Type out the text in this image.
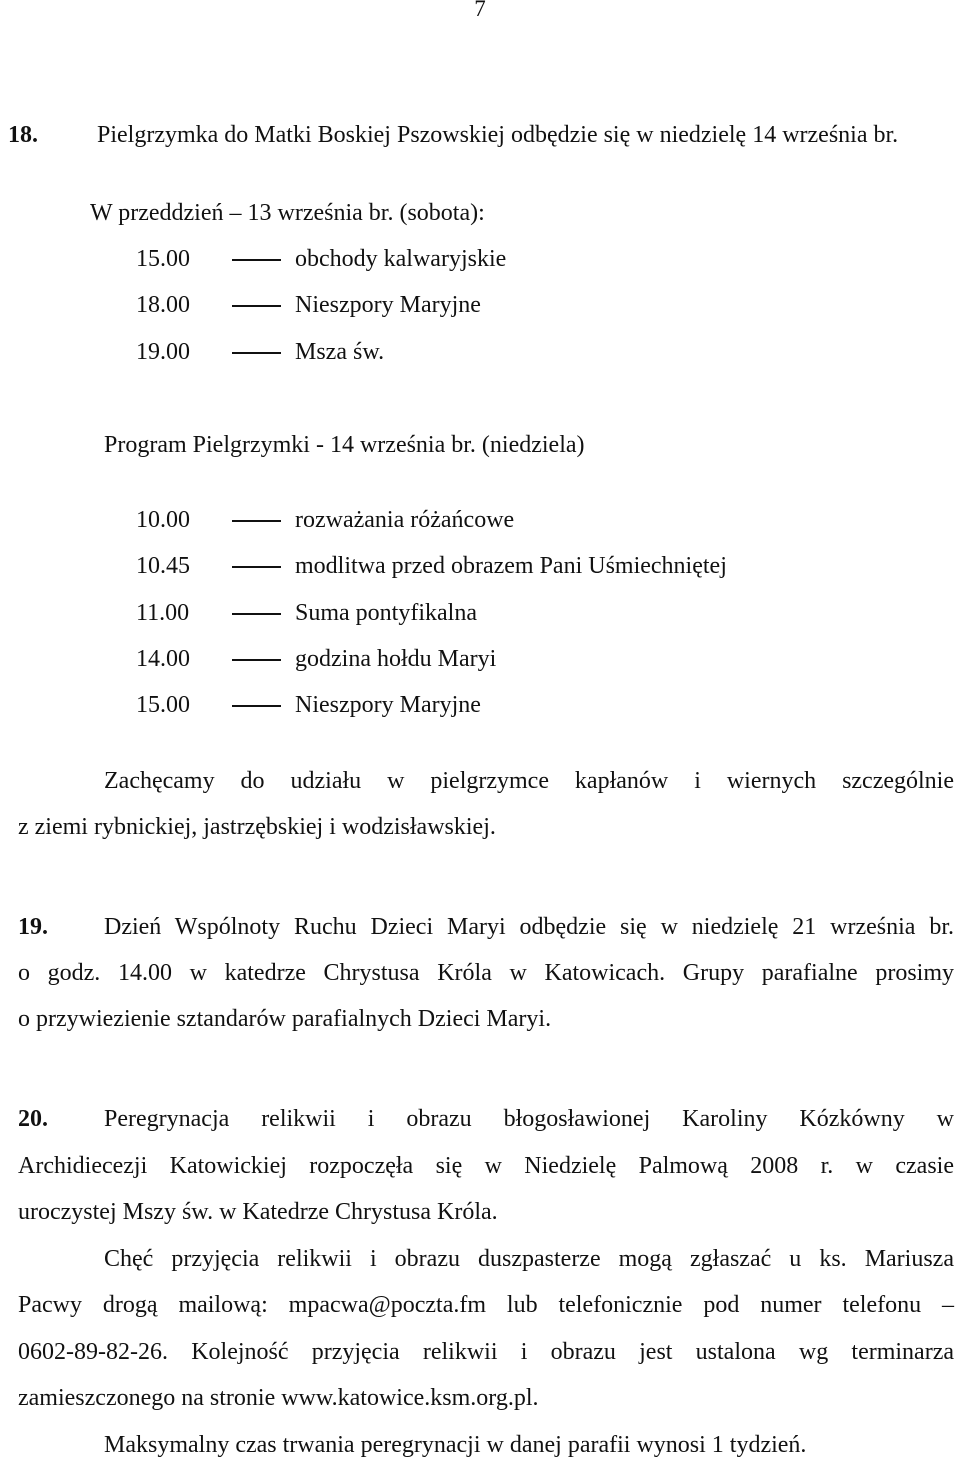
7
18. Pielgrzymka do Matki Boskiej Pszowskiej odbędzie się w niedzielę 14 września br.
W przeddzień – 13 września br. (sobota):
15.00	obchody kalwaryjskie
18.00	Nieszpory Maryjne
19.00	Msza św.
Program Pielgrzymki - 14 września br. (niedziela)
10.00	rozważania różańcowe
10.45	modlitwa przed obrazem Pani Uśmiechniętej
11.00	Suma pontyfikalna
14.00	godzina hołdu Maryi
15.00	Nieszpory Maryjne
Zachęcamy do udziału w pielgrzymce kapłanów i wiernych szczególnie
z ziemi rybnickiej, jastrzębskiej i wodzisławskiej.
19. Dzień Wspólnoty Ruchu Dzieci Maryi odbędzie się w niedzielę 21 września br.
o godz. 14.00 w katedrze Chrystusa Króla w Katowicach. Grupy parafialne prosimy
o przywiezienie sztandarów parafialnych Dzieci Maryi.
20. Peregrynacja relikwii i obrazu błogosławionej Karoliny Kózkówny w
Archidiecezji Katowickiej rozpoczęła się w Niedzielę Palmową 2008 r. w czasie
uroczystej Mszy św. w Katedrze Chrystusa Króla.
Chęć przyjęcia relikwii i obrazu duszpasterze mogą zgłaszać u ks. Mariusza
Pacwy drogą mailową: mpacwa@poczta.fm lub telefonicznie pod numer telefonu –
0602-89-82-26. Kolejność przyjęcia relikwii i obrazu jest ustalona wg terminarza
zamieszczonego na stronie www.katowice.ksm.org.pl.
Maksymalny czas trwania peregrynacji w danej parafii wynosi 1 tydzień.
